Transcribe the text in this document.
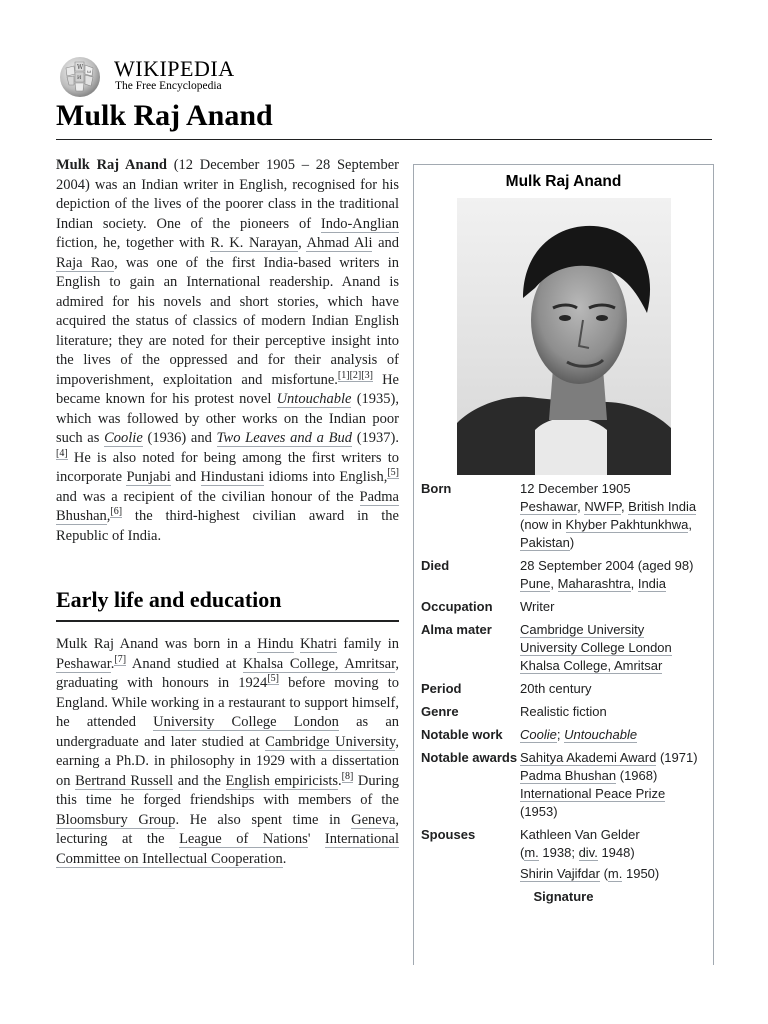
W
ω
И WIKIPEDIA
The Free Encyclopedia
Mulk Raj Anand

Mulk Raj Anand (12 December 1905 – 28 September 2004) was an Indian writer in English, recognised for his depiction of the lives of the poorer class in the traditional Indian society. One of the pioneers of Indo-Anglian fiction, he, together with R. K. Narayan, Ahmad Ali and Raja Rao, was one of the first India-based writers in English to gain an International readership. Anand is admired for his novels and short stories, which have acquired the status of classics of modern Indian English literature; they are noted for their perceptive insight into the lives of the oppressed and for their analysis of impoverishment, exploitation and misfortune.[1][2][3] He became known for his protest novel Untouchable (1935), which was followed by other works on the Indian poor such as Coolie (1936) and Two Leaves and a Bud (1937).[4] He is also noted for being among the first writers to incorporate Punjabi and Hindustani idioms into English,[5] and was a recipient of the civilian honour of the Padma Bhushan,[6] the third-highest civilian award in the Republic of India.

Early life and education

Mulk Raj Anand was born in a Hindu Khatri family in Peshawar.[7] Anand studied at Khalsa College, Amritsar, graduating with honours in 1924[5] before moving to England. While working in a restaurant to support himself, he attended University College London as an undergraduate and later studied at Cambridge University, earning a Ph.D. in philosophy in 1929 with a dissertation on Bertrand Russell and the English empiricists.[8] During this time he forged friendships with members of the Bloomsbury Group. He also spent time in Geneva, lecturing at the League of Nations' International Committee on Intellectual Cooperation.

Mulk Raj Anand
Born	12 December 1905
Peshawar, NWFP, British India
(now in Khyber Pakhtunkhwa, Pakistan)
Died	28 September 2004 (aged 98)
Pune, Maharashtra, India
Occupation	Writer
Alma mater	Cambridge University
University College London
Khalsa College, Amritsar
Period	20th century
Genre	Realistic fiction
Notable work	Coolie; Untouchable
Notable awards Sahitya Akademi Award (1971)
Padma Bhushan (1968)
International Peace Prize
(1953)
Spouses	Kathleen Van Gelder
(m. 1938; div. 1948)
Shirin Vajifdar (m. 1950)
Signature
